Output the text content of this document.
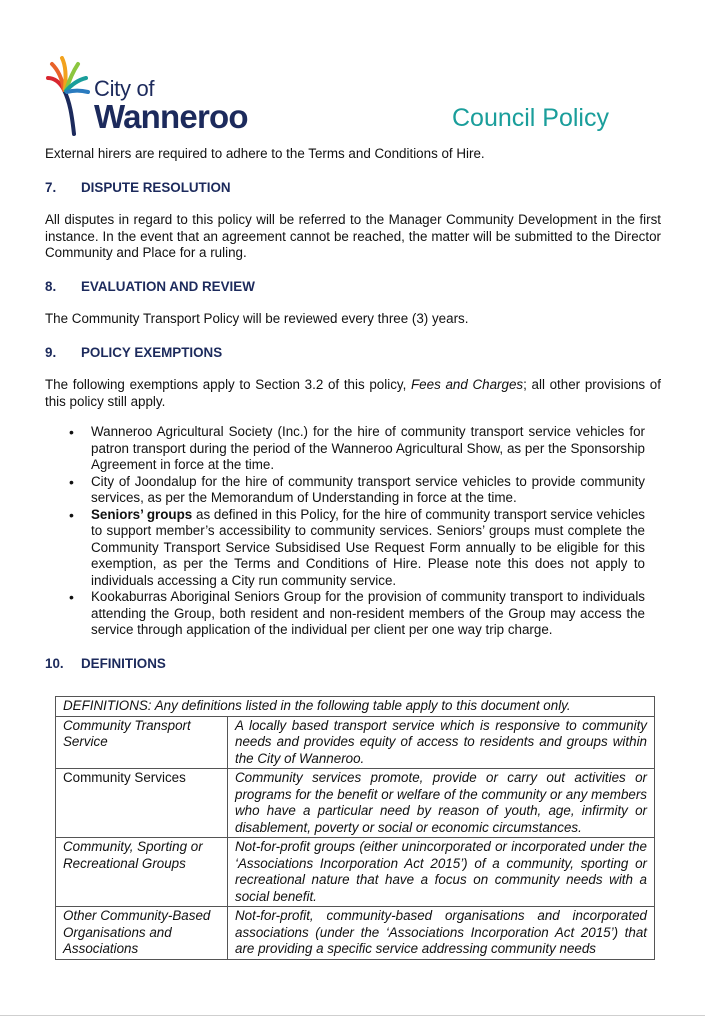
City of
Wanneroo	Council Policy

External hirers are required to adhere to the Terms and Conditions of Hire.

7. DISPUTE RESOLUTION

All disputes in regard to this policy will be referred to the Manager Community Development in the first instance. In the event that an agreement cannot be reached, the matter will be submitted to the Director Community and Place for a ruling.

8. EVALUATION AND REVIEW

The Community Transport Policy will be reviewed every three (3) years.

9. POLICY EXEMPTIONS

The following exemptions apply to Section 3.2 of this policy, Fees and Charges; all other provisions of this policy still apply.

• Wanneroo Agricultural Society (Inc.) for the hire of community transport service vehicles for patron transport during the period of the Wanneroo Agricultural Show, as per the Sponsorship Agreement in force at the time.
• City of Joondalup for the hire of community transport service vehicles to provide community services, as per the Memorandum of Understanding in force at the time.
• Seniors’ groups as defined in this Policy, for the hire of community transport service vehicles to support member’s accessibility to community services. Seniors’ groups must complete the Community Transport Service Subsidised Use Request Form annually to be eligible for this exemption, as per the Terms and Conditions of Hire. Please note this does not apply to individuals accessing a City run community service.
• Kookaburras Aboriginal Seniors Group for the provision of community transport to individuals attending the Group, both resident and non-resident members of the Group may access the service through application of the individual per client per one way trip charge.
10. DEFINITIONS
DEFINITIONS: Any definitions listed in the following table apply to this document only.	
Community Transport Service	A locally based transport service which is responsive to community needs and provides equity of access to residents and groups within the City of Wanneroo.
Community Services	Community services promote, provide or carry out activities or programs for the benefit or welfare of the community or any members who have a particular need by reason of youth, age, infirmity or disablement, poverty or social or economic circumstances.
Community, Sporting or Recreational Groups	Not-for-profit groups (either unincorporated or incorporated under the ‘Associations Incorporation Act 2015’) of a community, sporting or recreational nature that have a focus on community needs with a social benefit.
Other Community-Based Organisations and Associations	Not-for-profit, community-based organisations and incorporated associations (under the ‘Associations Incorporation Act 2015’) that are providing a specific service addressing community needs
